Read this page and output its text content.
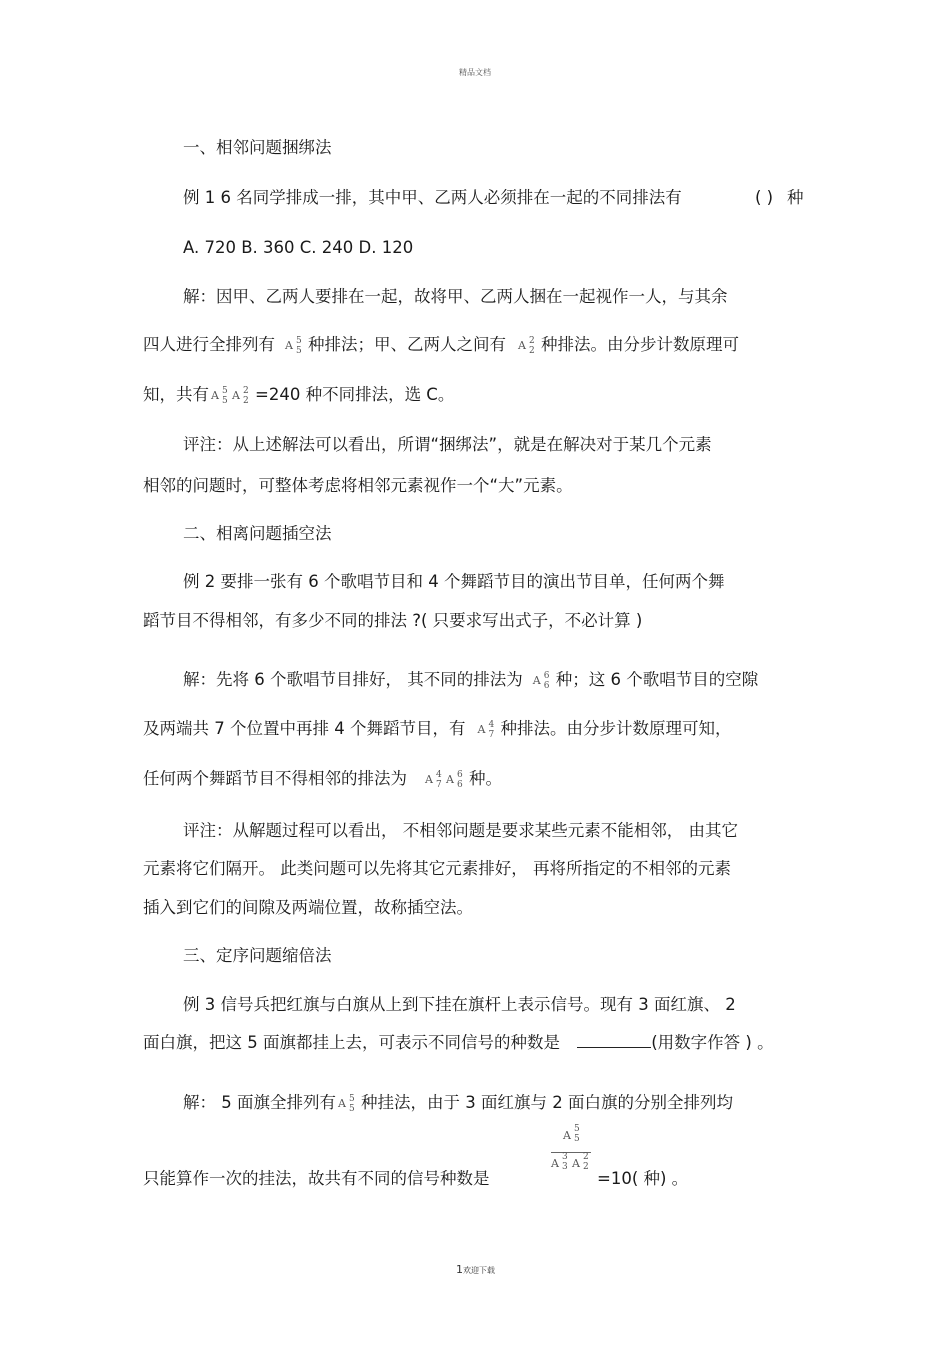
精品文档
一、相邻问题捆绑法
例 1 6 名同学排成一排，其中甲、乙两人必须排在一起的不同排法有	( ) 种
A. 720 B. 360 C. 240 D. 120
解：因甲、乙两人要排在一起，故将甲、乙两人捆在一起视作一人，与其余
四人进行全排列有 A 5
5 种排法；甲、乙两人之间有 A 2
2 种排法。由分步计数原理可
知，共有 A 5
5 A 2
2 =240 种不同排法，选 C。
评注：从上述解法可以看出，所谓“捆绑法”，就是在解决对于某几个元素
相邻的问题时，可整体考虑将相邻元素视作一个“大”元素。
二、相离问题插空法
例 2 要排一张有 6 个歌唱节目和 4 个舞蹈节目的演出节目单，任何两个舞
蹈节目不得相邻，有多少不同的排法 ?( 只要求写出式子，不必计算 )
解：先将 6 个歌唱节目排好， 其不同的排法为 A 6
6 种；这 6 个歌唱节目的空隙
及两端共 7 个位置中再排 4 个舞蹈节目，有 A 4
7 种排法。由分步计数原理可知，
任何两个舞蹈节目不得相邻的排法为 A 4
7 A 6
6 种。
评注：从解题过程可以看出， 不相邻问题是要求某些元素不能相邻， 由其它
元素将它们隔开。 此类问题可以先将其它元素排好， 再将所指定的不相邻的元素
插入到它们的间隙及两端位置，故称插空法。
三、定序问题缩倍法
例 3 信号兵把红旗与白旗从上到下挂在旗杆上表示信号。现有 3 面红旗、 2
面白旗，把这 5 面旗都挂上去，可表示不同信号的种数是	(用数字作答 ) 。
解： 5 面旗全排列有 A 5
5 种挂法，由于 3 面红旗与 2 面白旗的分别全排列均
A 5
5
A 3
3 A 2
2
只能算作一次的挂法，故共有不同的信号种数是	=10( 种) 。
1欢迎下载
